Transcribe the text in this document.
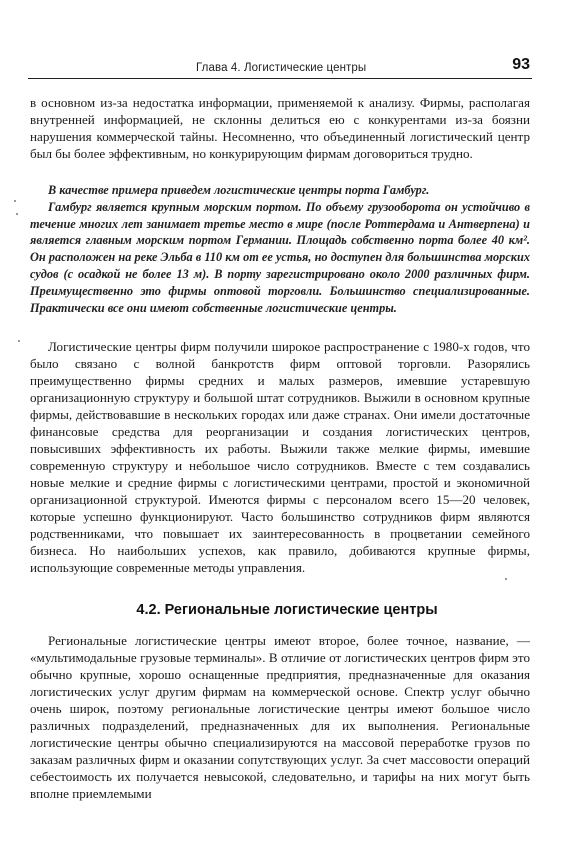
Глава 4. Логистические центры	93

в основном из-за недостатка информации, применяемой к анализу. Фирмы, располагая внутренней информацией, не склонны делиться ею с конкурентами из-за боязни нарушения коммерческой тайны. Несомненно, что объединенный логистический центр был бы более эффективным, но конкурирующим фирмам договориться трудно.

В качестве примера приведем логистические центры порта Гамбург.

Гамбург является крупным морским портом. По объему грузооборота он устойчиво в течение многих лет занимает третье место в мире (после Роттердама и Антверпена) и является главным морским портом Германии. Площадь собственно порта более 40 км². Он расположен на реке Эльба в 110 км от ее устья, но доступен для большинства морских судов (с осадкой не более 13 м). В порту зарегистрировано около 2000 различных фирм. Преимущественно это фирмы оптовой торговли. Большинство специализированные. Практически все они имеют собственные логистические центры.

Логистические центры фирм получили широкое распространение с 1980-х годов, что было связано с волной банкротств фирм оптовой торговли. Разорялись преимущественно фирмы средних и малых размеров, имевшие устаревшую организационную структуру и большой штат сотрудников. Выжили в основном крупные фирмы, действовавшие в нескольких городах или даже странах. Они имели достаточные финансовые средства для реорганизации и создания логистических центров, повысивших эффективность их работы. Выжили также мелкие фирмы, имевшие современную структуру и небольшое число сотрудников. Вместе с тем создавались новые мелкие и средние фирмы с логистическими центрами, простой и экономичной организационной структурой. Имеются фирмы с персоналом всего 15—20 человек, которые успешно функционируют. Часто большинство сотрудников фирм являются родственниками, что повышает их заинтересованность в процветании семейного бизнеса. Но наибольших успехов, как правило, добиваются крупные фирмы, использующие современные методы управления.

4.2. Региональные логистические центры

Региональные логистические центры имеют второе, более точное, название, — «мультимодальные грузовые терминалы». В отличие от логистических центров фирм это обычно крупные, хорошо оснащенные предприятия, предназначенные для оказания логистических услуг другим фирмам на коммерческой основе. Спектр услуг обычно очень широк, поэтому региональные логистические центры имеют большое число различных подразделений, предназначенных для их выполнения. Региональные логистические центры обычно специализируются на массовой переработке грузов по заказам различных фирм и оказании сопутствующих услуг. За счет массовости операций себестоимость их получается невысокой, следовательно, и тарифы на них могут быть вполне приемлемыми
